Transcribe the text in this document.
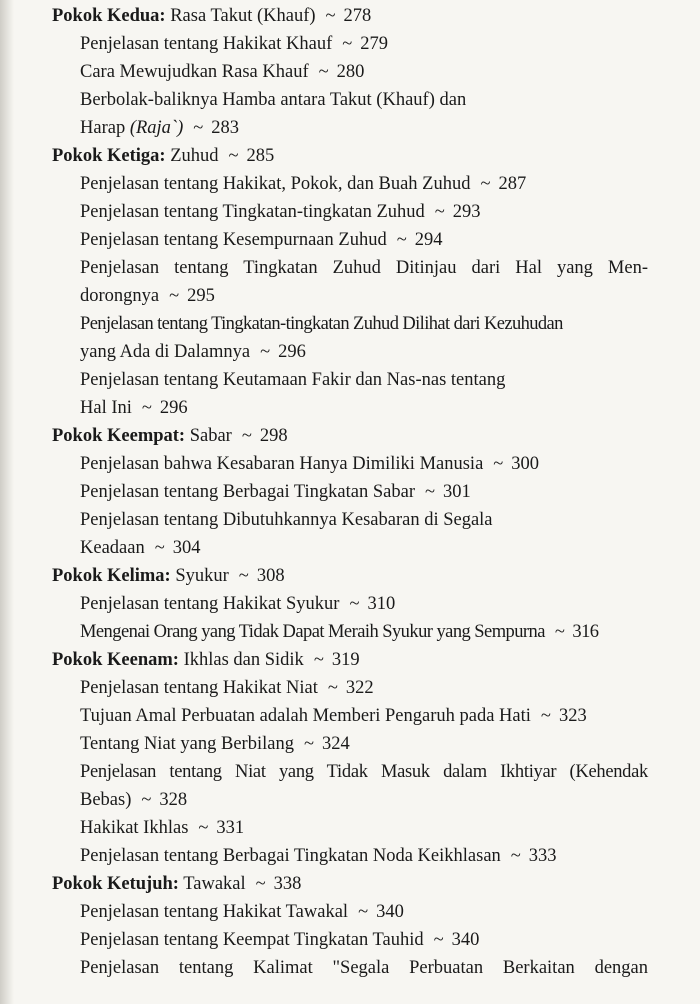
Pokok Kedua: Rasa Takut (Khauf) ~ 278
Penjelasan tentang Hakikat Khauf ~ 279
Cara Mewujudkan Rasa Khauf ~ 280
Berbolak-baliknya Hamba antara Takut (Khauf) dan
Harap (Raja`) ~ 283
Pokok Ketiga: Zuhud ~ 285
Penjelasan tentang Hakikat, Pokok, dan Buah Zuhud ~ 287
Penjelasan tentang Tingkatan-tingkatan Zuhud ~ 293
Penjelasan tentang Kesempurnaan Zuhud ~ 294
Penjelasan tentang Tingkatan Zuhud Ditinjau dari Hal yang Men-
dorongnya ~ 295
Penjelasan tentang Tingkatan-tingkatan Zuhud Dilihat dari Kezuhudan
yang Ada di Dalamnya ~ 296
Penjelasan tentang Keutamaan Fakir dan Nas-nas tentang
Hal Ini ~ 296
Pokok Keempat: Sabar ~ 298
Penjelasan bahwa Kesabaran Hanya Dimiliki Manusia ~ 300
Penjelasan tentang Berbagai Tingkatan Sabar ~ 301
Penjelasan tentang Dibutuhkannya Kesabaran di Segala
Keadaan ~ 304
Pokok Kelima: Syukur ~ 308
Penjelasan tentang Hakikat Syukur ~ 310
Mengenai Orang yang Tidak Dapat Meraih Syukur yang Sempurna ~ 316
Pokok Keenam: Ikhlas dan Sidik ~ 319
Penjelasan tentang Hakikat Niat ~ 322
Tujuan Amal Perbuatan adalah Memberi Pengaruh pada Hati ~ 323
Tentang Niat yang Berbilang ~ 324
Penjelasan tentang Niat yang Tidak Masuk dalam Ikhtiyar (Kehendak
Bebas) ~ 328
Hakikat Ikhlas ~ 331
Penjelasan tentang Berbagai Tingkatan Noda Keikhlasan ~ 333
Pokok Ketujuh: Tawakal ~ 338
Penjelasan tentang Hakikat Tawakal ~ 340
Penjelasan tentang Keempat Tingkatan Tauhid ~ 340
Penjelasan tentang Kalimat "Segala Perbuatan Berkaitan dengan
